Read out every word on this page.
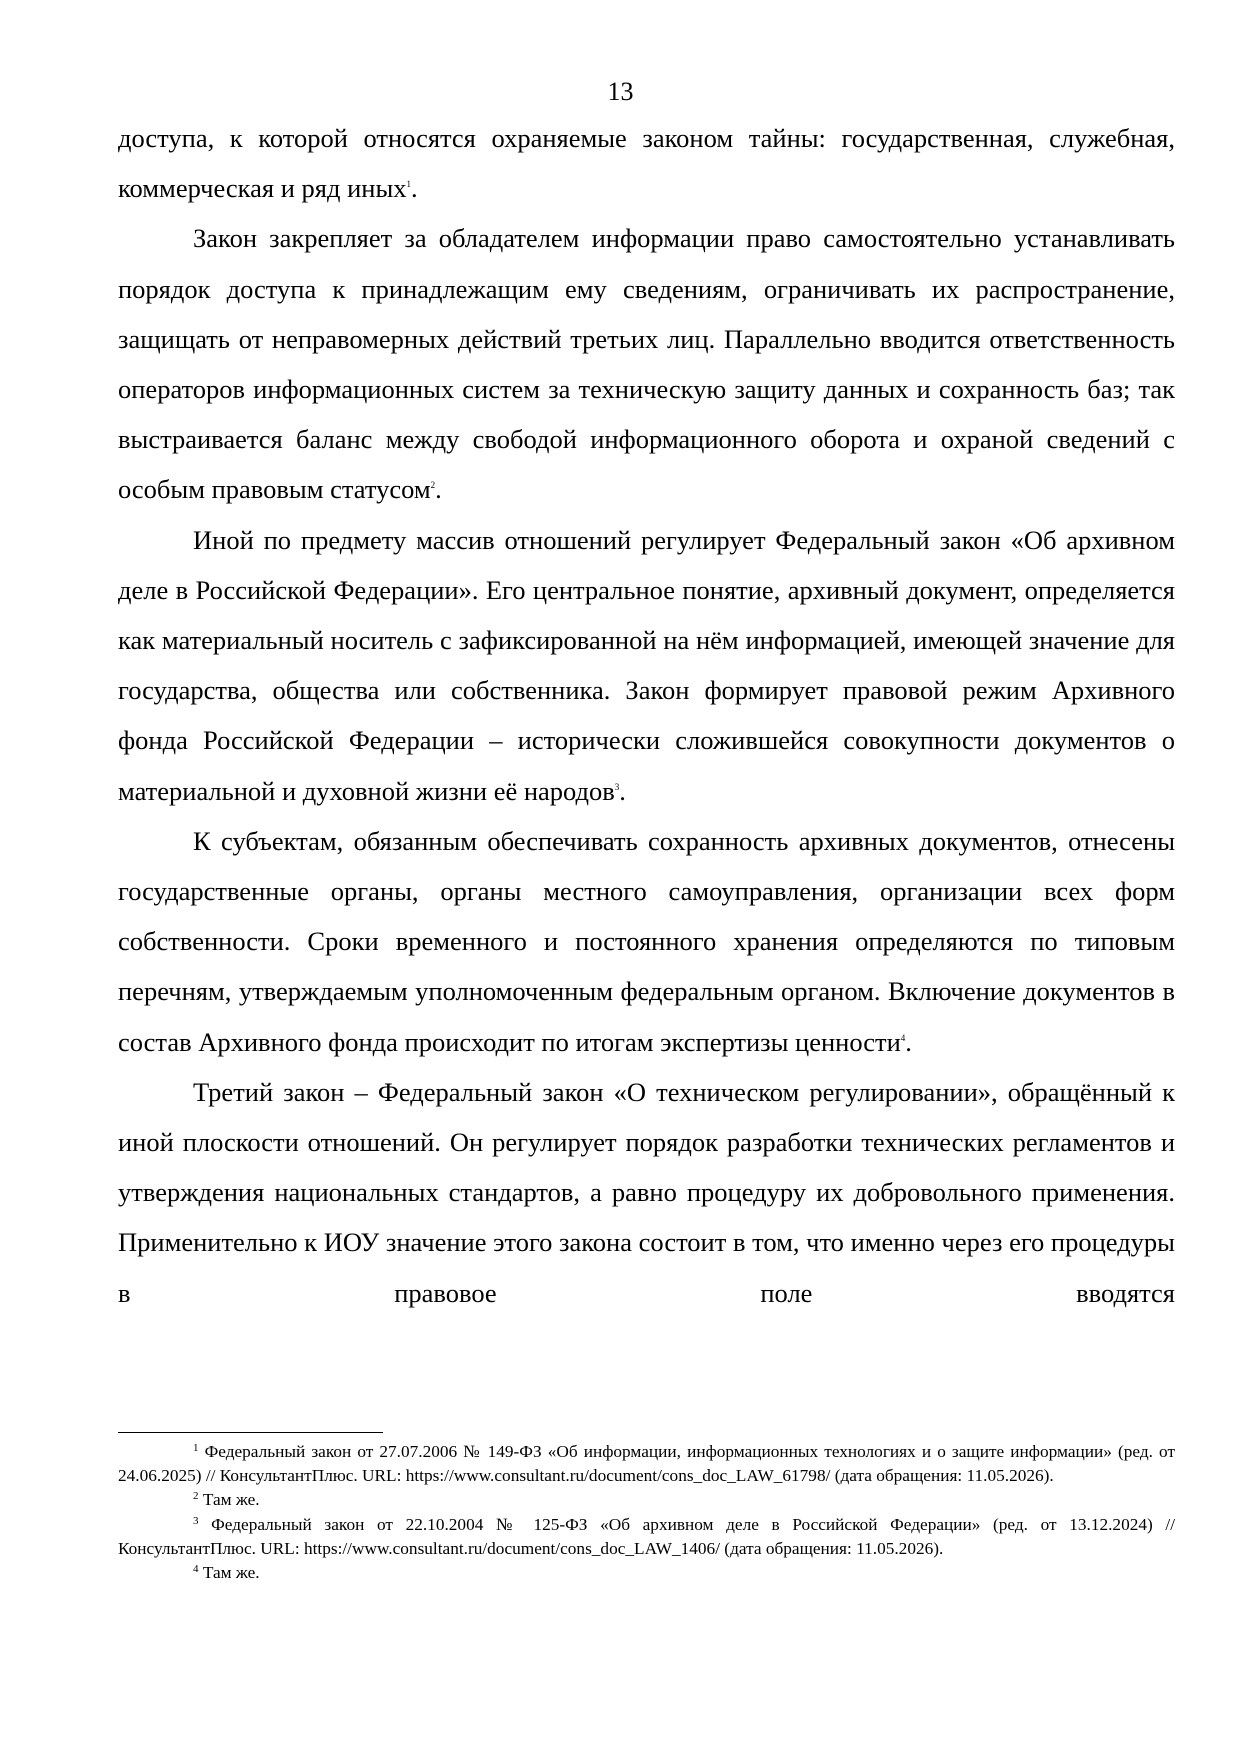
13

доступа, к которой относятся охраняемые законом тайны: государственная, служебная, коммерческая и ряд иных$^1$.

Закон закрепляет за обладателем информации право самостоятельно устанавливать порядок доступа к принадлежащим ему сведениям, ограничивать их распространение, защищать от неправомерных действий третьих лиц. Параллельно вводится ответственность операторов информационных систем за техническую защиту данных и сохранность баз; так выстраивается баланс между свободой информационного оборота и охраной сведений с особым правовым статусом$^2$.

Иной по предмету массив отношений регулирует Федеральный закон «Об архивном деле в Российской Федерации». Его центральное понятие, архивный документ, определяется как материальный носитель с зафиксированной на нём информацией, имеющей значение для государства, общества или собственника. Закон формирует правовой режим Архивного фонда Российской Федерации – исторически сложившейся совокупности документов о материальной и духовной жизни её народов$^3$.

К субъектам, обязанным обеспечивать сохранность архивных документов, отнесены государственные органы, органы местного самоуправления, организации всех форм собственности. Сроки временного и постоянного хранения определяются по типовым перечням, утверждаемым уполномоченным федеральным органом. Включение документов в состав Архивного фонда происходит по итогам экспертизы ценности$^4$.

Третий закон – Федеральный закон «О техническом регулировании», обращённый к иной плоскости отношений. Он регулирует порядок разработки технических регламентов и утверждения национальных стандартов, а равно процедуру их добровольного применения. Применительно к ИОУ значение этого закона состоит в том, что именно через его процедуры в правовое поле вводятся

$^1$ Федеральный закон от 27.07.2006 № 149-ФЗ «Об информации, информационных технологиях и о защите информации» (ред. от 24.06.2025) // КонсультантПлюс. URL: https://www.consultant.ru/document/cons_doc_LAW_61798/ (дата обращения: 11.05.2026).

$^2$ Там же.

$^3$ Федеральный закон от 22.10.2004 № 125-ФЗ «Об архивном деле в Российской Федерации» (ред. от 13.12.2024) // КонсультантПлюс. URL: https://www.consultant.ru/document/cons_doc_LAW_1406/ (дата обращения: 11.05.2026).

$^4$ Там же.
